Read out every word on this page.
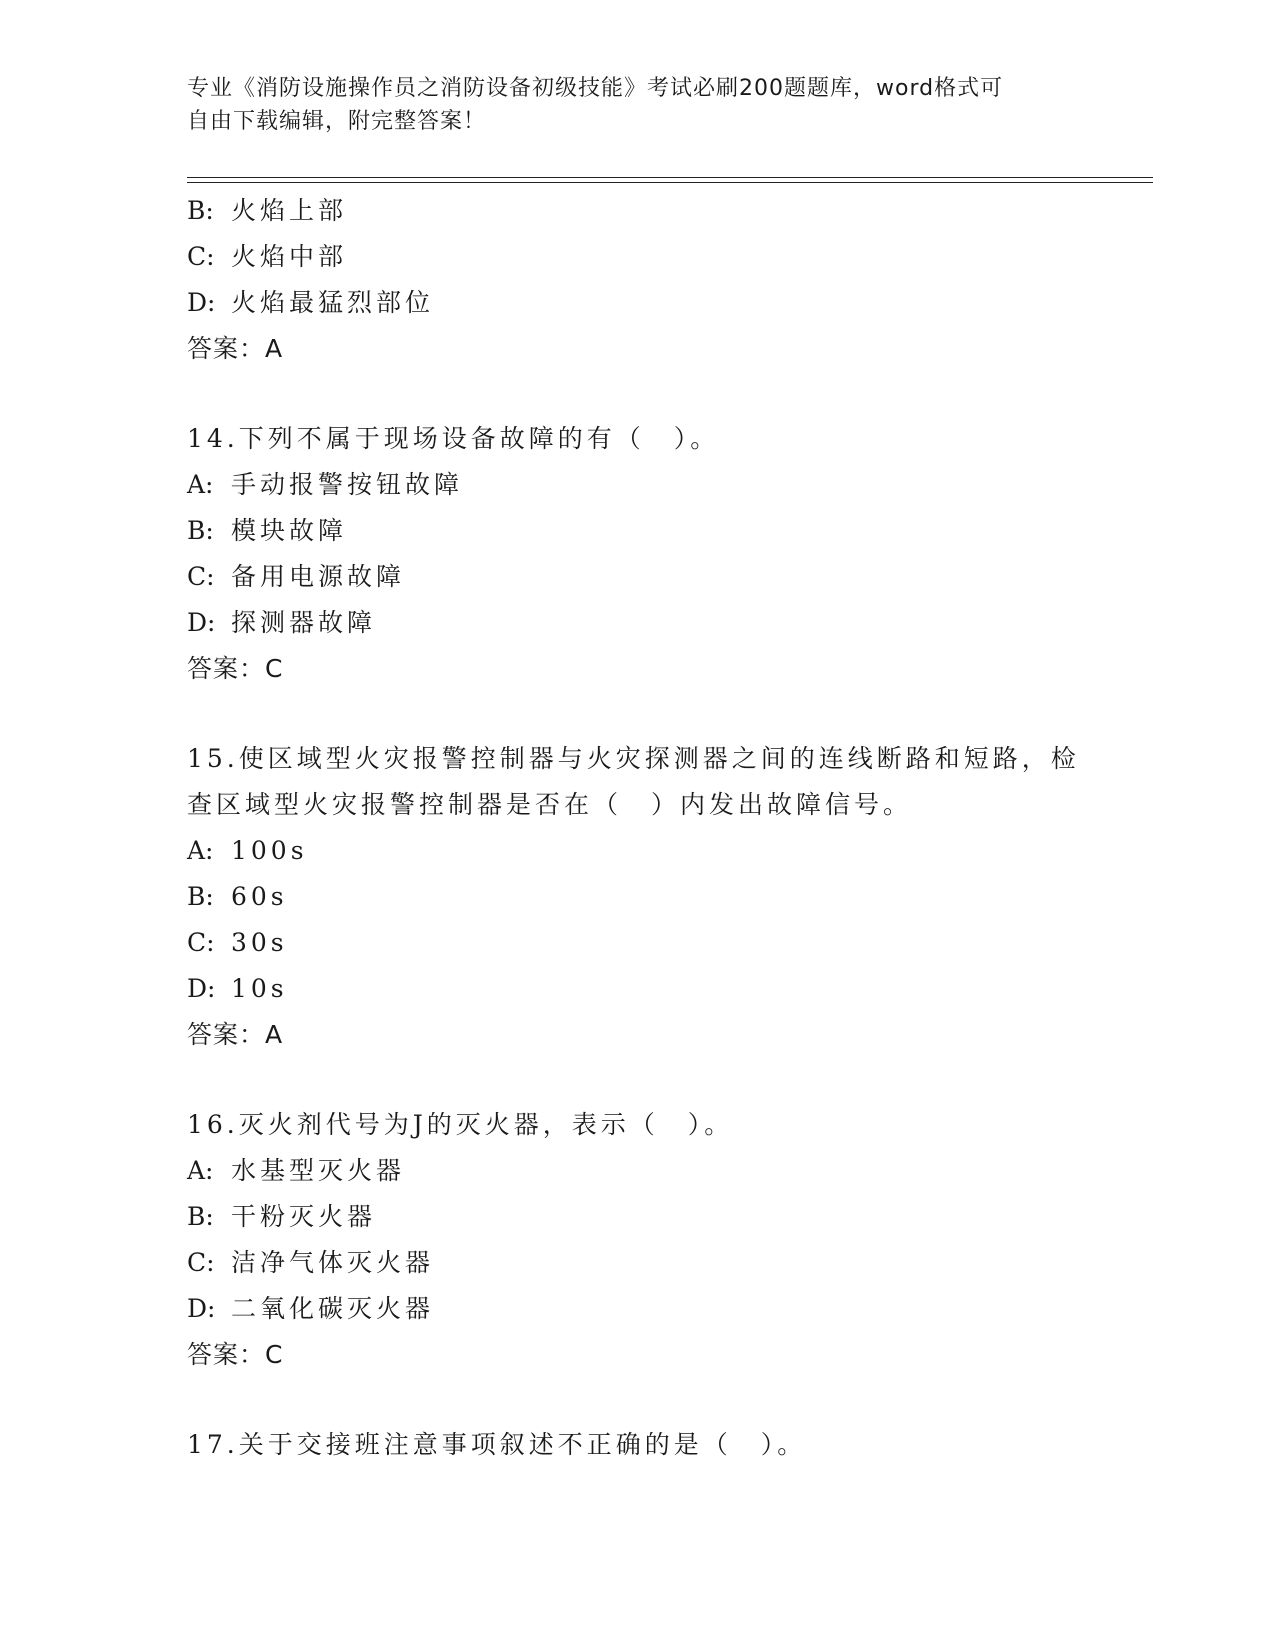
专业《消防设施操作员之消防设备初级技能》考试必刷200题题库，word格式可
自由下载编辑，附完整答案！
B: 火焰上部
C: 火焰中部
D: 火焰最猛烈部位
答案：A
14.下列不属于现场设备故障的有（　）。
A: 手动报警按钮故障
B: 模块故障
C: 备用电源故障
D: 探测器故障
答案：C
15.使区域型火灾报警控制器与火灾探测器之间的连线断路和短路，检
查区域型火灾报警控制器是否在（　）内发出故障信号。
A: 100s
B: 60s
C: 30s
D: 10s
答案：A
16.灭火剂代号为J的灭火器，表示（　）。
A: 水基型灭火器
B: 干粉灭火器
C: 洁净气体灭火器
D: 二氧化碳灭火器
答案：C
17.关于交接班注意事项叙述不正确的是（　）。
